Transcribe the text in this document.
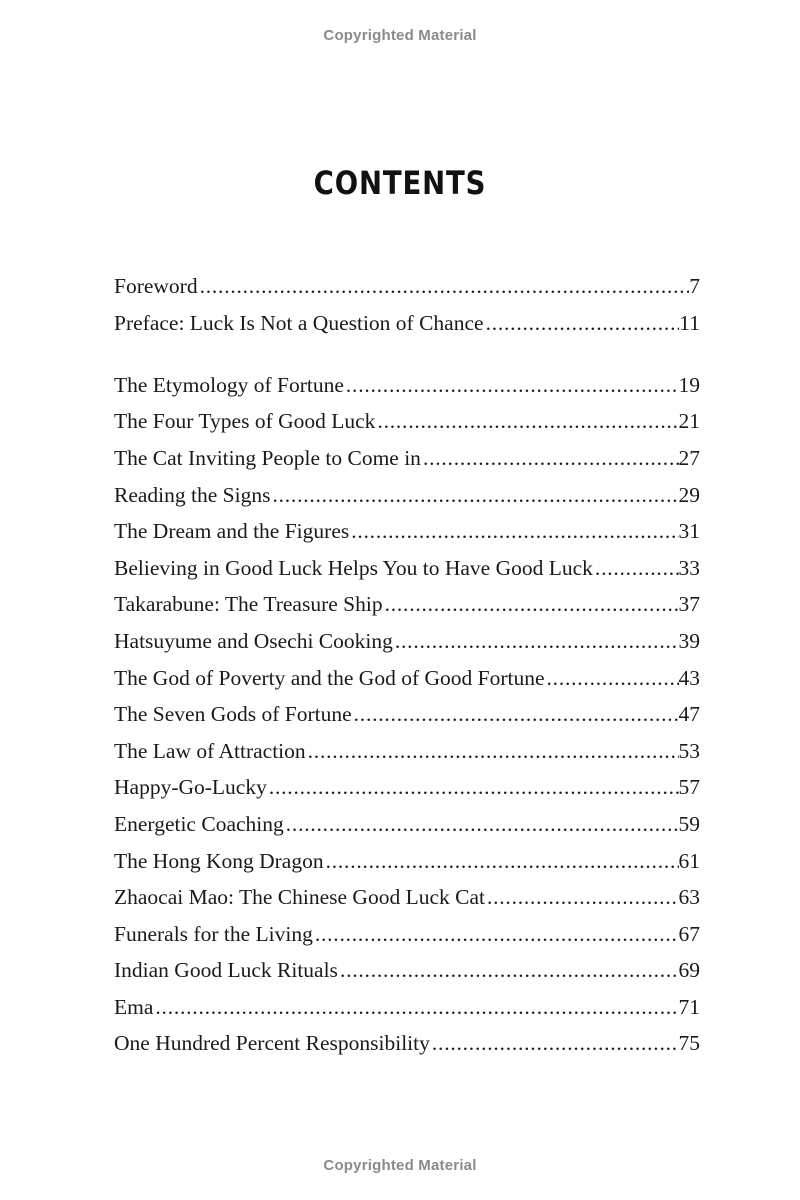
Copyrighted Material
CONTENTS
Foreword . . .	7
Preface: Luck Is Not a Question of Chance . . .	11
The Etymology of Fortune . . .	19
The Four Types of Good Luck . . .	21
The Cat Inviting People to Come in . . .	27
Reading the Signs . . .	29
The Dream and the Figures . . .	31
Believing in Good Luck Helps You to Have Good Luck . . .	33
Takarabune: The Treasure Ship . . .	37
Hatsuyume and Osechi Cooking . . .	39
The God of Poverty and the God of Good Fortune . . .	43
The Seven Gods of Fortune . . .	47
The Law of Attraction . . .	53
Happy-Go-Lucky . . .	57
Energetic Coaching . . .	59
The Hong Kong Dragon . . .	61
Zhaocai Mao: The Chinese Good Luck Cat . . .	63
Funerals for the Living . . .	67
Indian Good Luck Rituals . . .	69
Ema . . .	71
One Hundred Percent Responsibility . . .	75
Copyrighted Material
